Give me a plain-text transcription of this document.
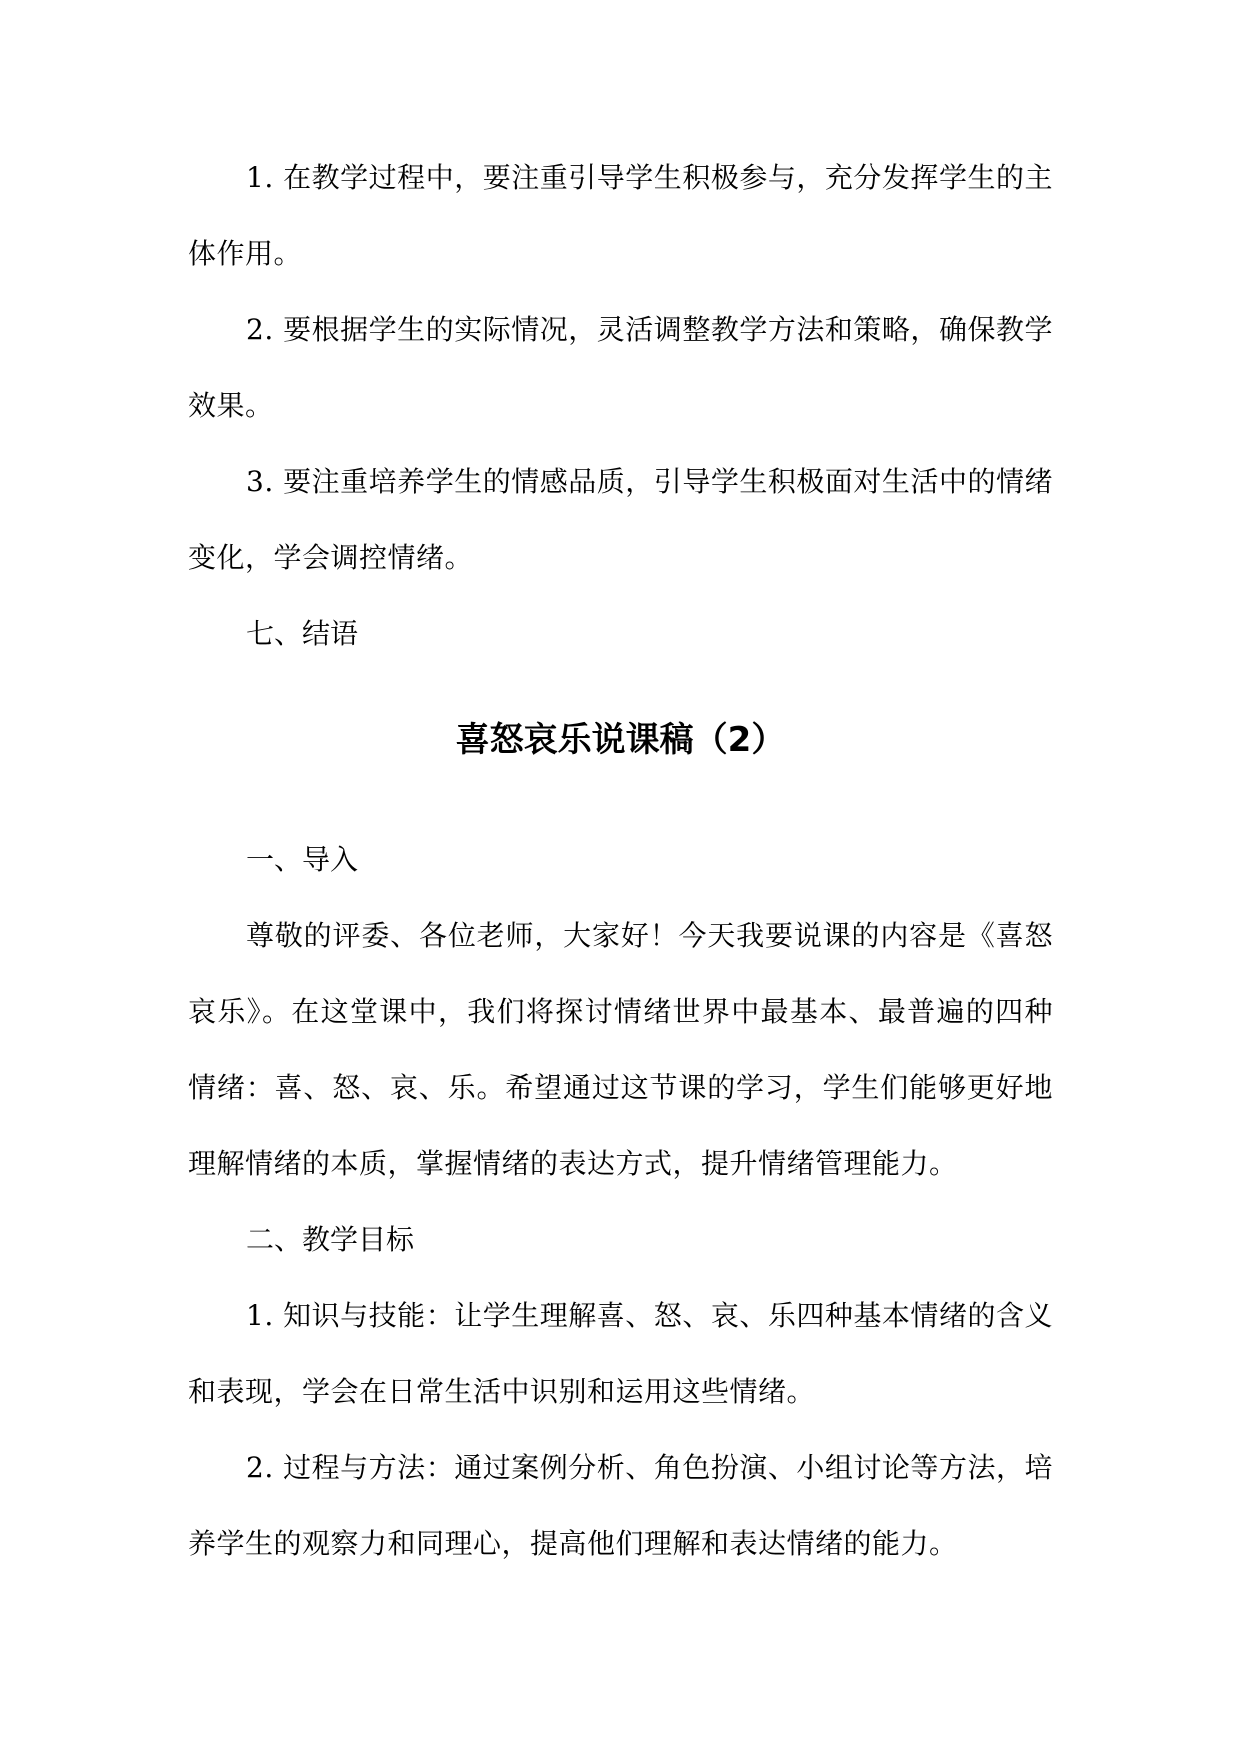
1. 在教学过程中，要注重引导学生积极参与，充分发挥学生的主体作用。

2. 要根据学生的实际情况，灵活调整教学方法和策略，确保教学效果。

3. 要注重培养学生的情感品质，引导学生积极面对生活中的情绪变化，学会调控情绪。

七、结语

喜怒哀乐说课稿（2）

一、导入

尊敬的评委、各位老师，大家好！今天我要说课的内容是《喜怒哀乐》。在这堂课中，我们将探讨情绪世界中最基本、最普遍的四种情绪：喜、怒、哀、乐。希望通过这节课的学习，学生们能够更好地理解情绪的本质，掌握情绪的表达方式，提升情绪管理能力。

二、教学目标

1. 知识与技能：让学生理解喜、怒、哀、乐四种基本情绪的含义和表现，学会在日常生活中识别和运用这些情绪。

2. 过程与方法：通过案例分析、角色扮演、小组讨论等方法，培养学生的观察力和同理心，提高他们理解和表达情绪的能力。
